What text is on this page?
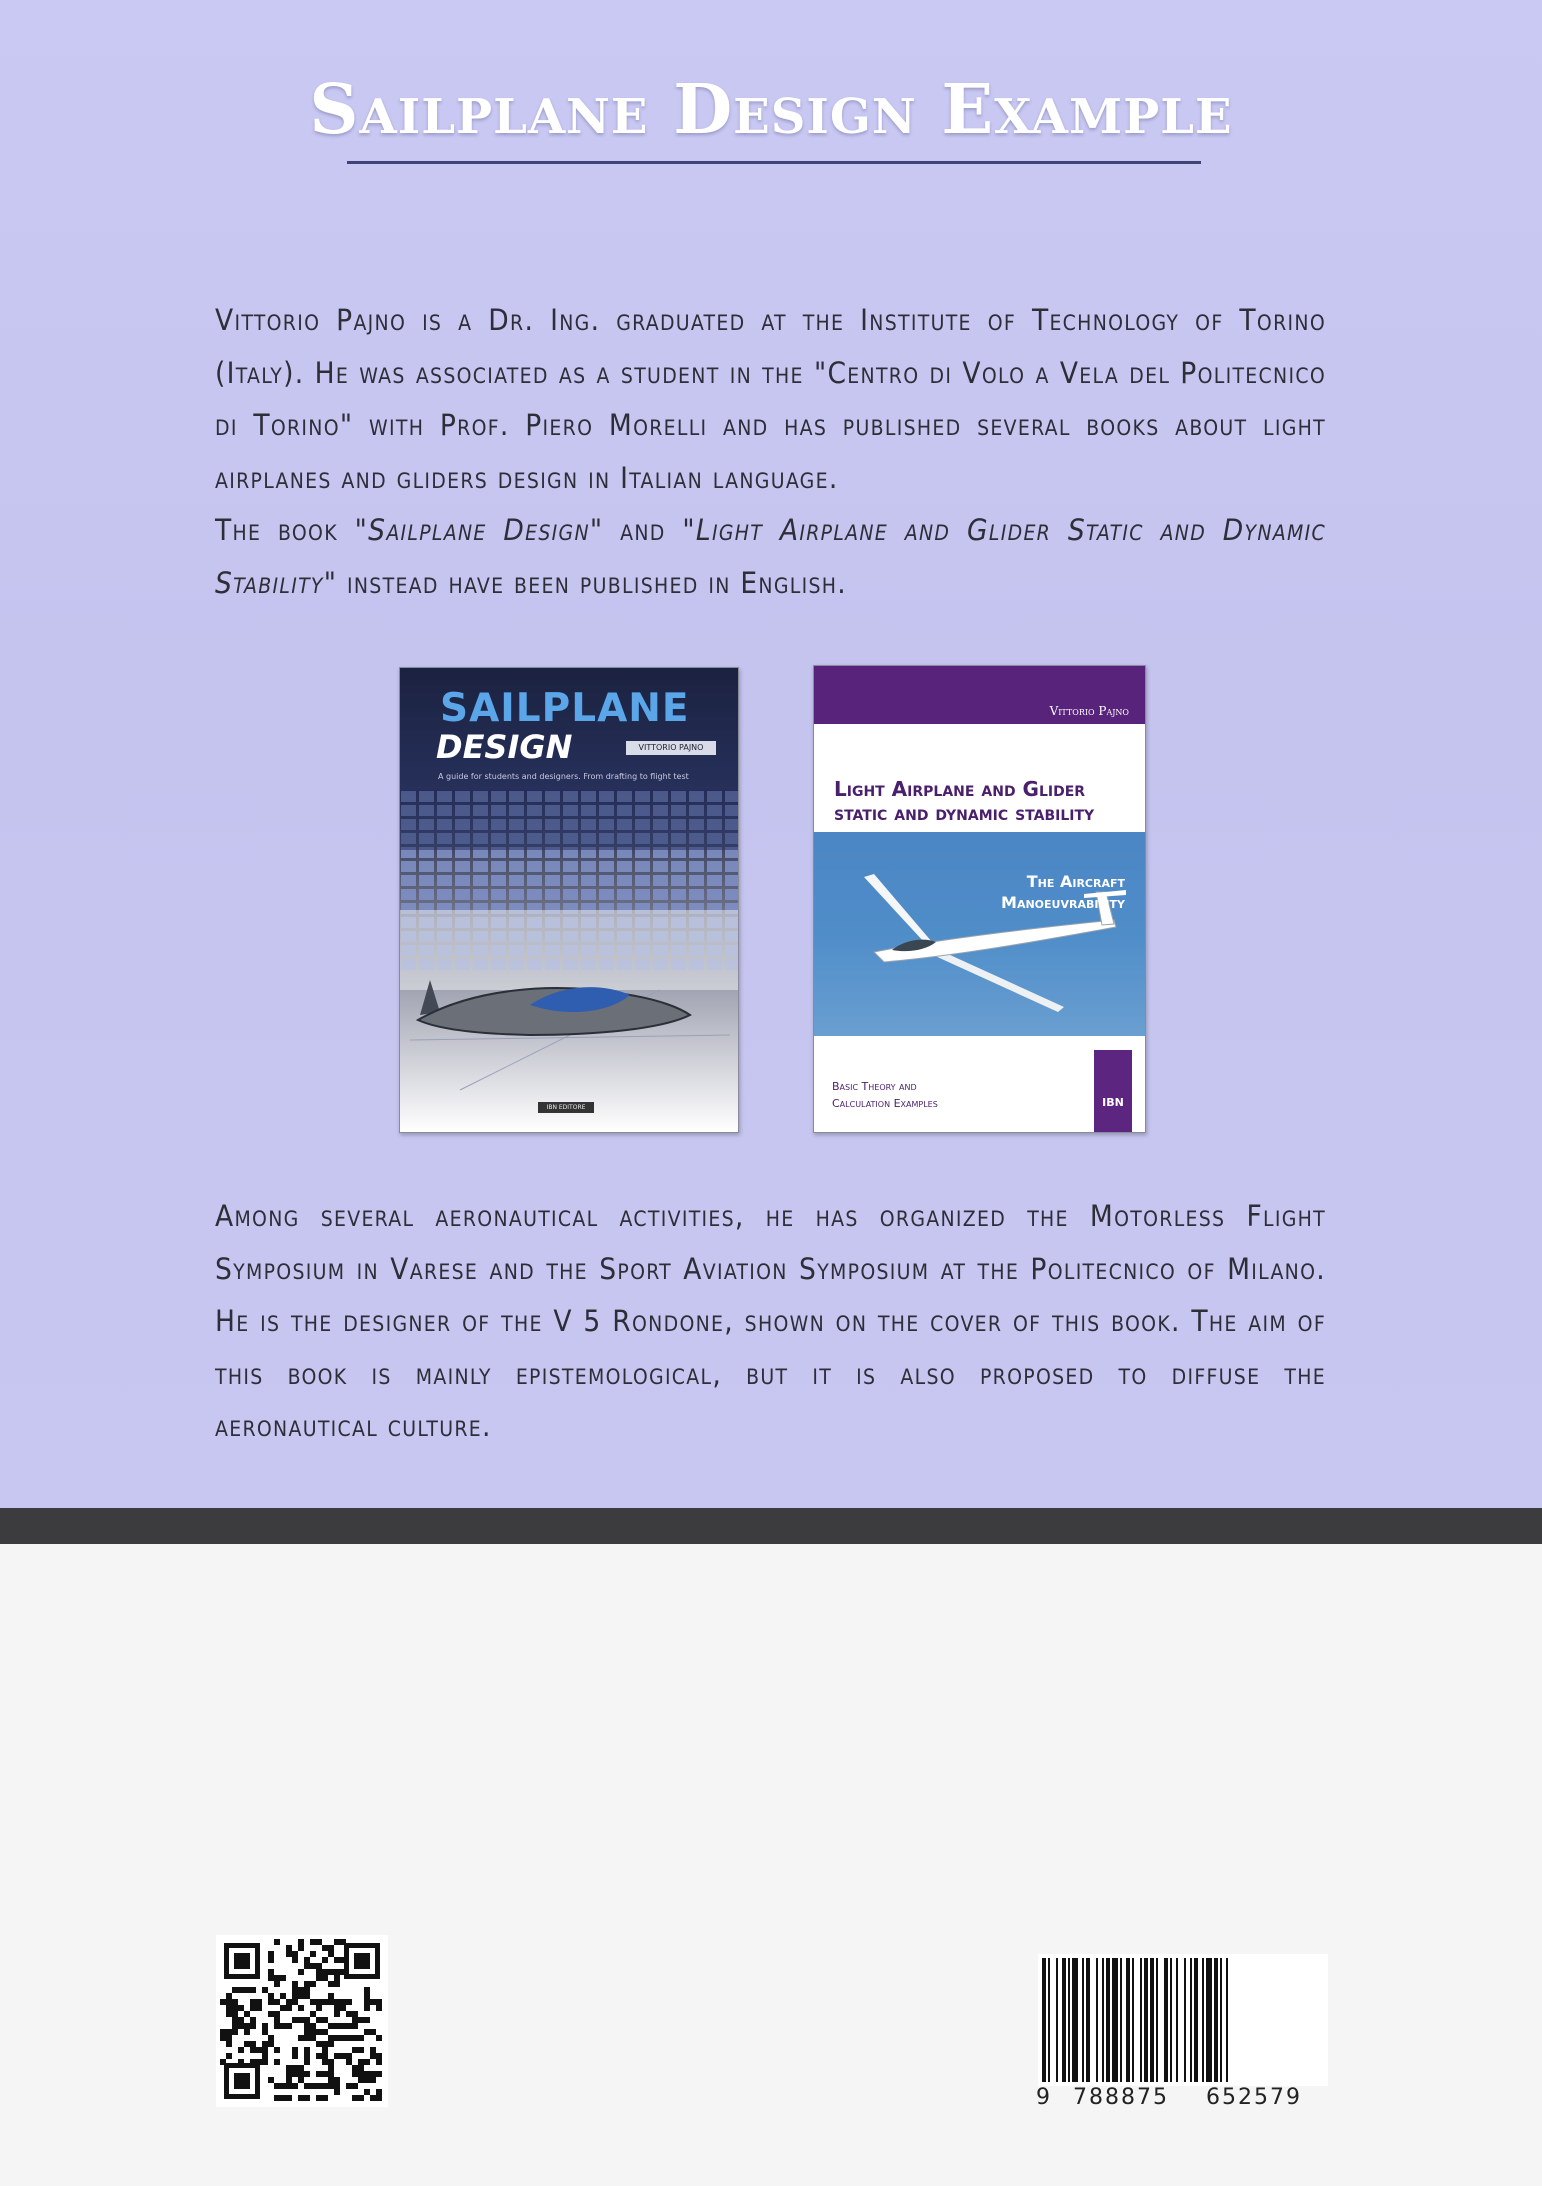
Sailplane Design Example

Vittorio Pajno is a Dr. Ing. graduated at the Institute of Technology of Torino (Italy). He was associated as a student in the "Centro di Volo a Vela del Politecnico di Torino" with Prof. Piero Morelli and has published several books about light airplanes and gliders design in Italian language.
The book "Sailplane Design" and "Light Airplane and Glider Static and Dynamic Stability" instead have been published in English.

SAILPLANE
DESIGN	VITTORIO PAJNO
A guide for students and designers. From drafting to flight test
IBN EDITORE
Vittorio Pajno
Light Airplane and Glider static and dynamic stability
The Aircraft
Manoeuvrability
Basic Theory and
Calculation Examples	IBN

Among several aeronautical activities, he has organized the Motorless Flight Symposium in Varese and the Sport Aviation Symposium at the Politecnico of Milano. He is the designer of the V 5 Rondone, shown on the cover of this book. The aim of this book is mainly epistemological, but it is also proposed to diffuse the aeronautical culture.

9	788875	652579
